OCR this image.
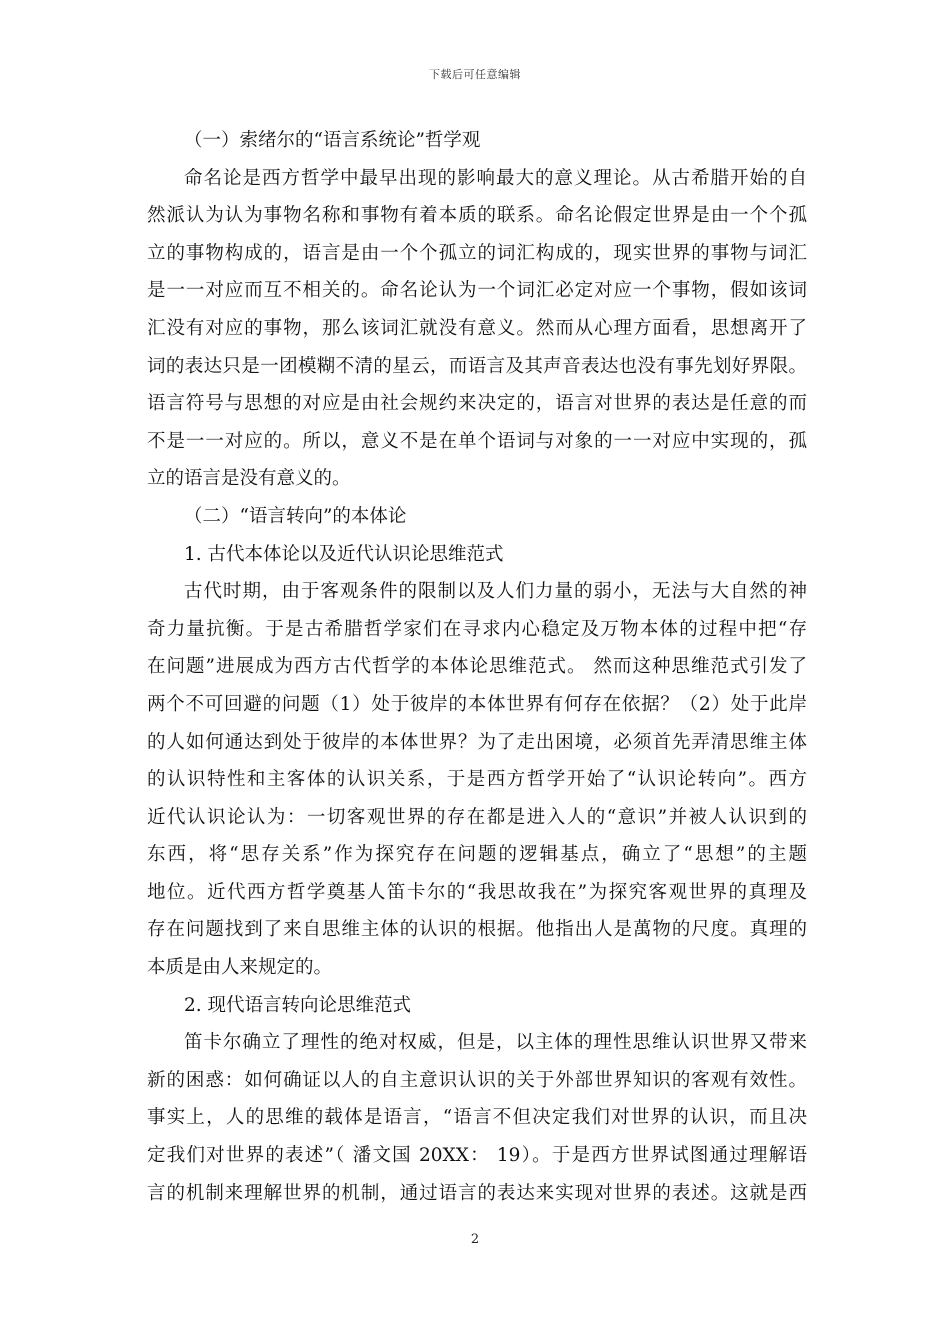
下载后可任意编辑
（一）索绪尔的“语言系统论”哲学观
命名论是西方哲学中最早出现的影响最大的意义理论。从古希腊开始的自
然派认为认为事物名称和事物有着本质的联系。命名论假定世界是由一个个孤
立的事物构成的，语言是由一个个孤立的词汇构成的，现实世界的事物与词汇
是一一对应而互不相关的。命名论认为一个词汇必定对应一个事物，假如该词
汇没有对应的事物，那么该词汇就没有意义。然而从心理方面看，思想离开了
词的表达只是一团模糊不清的星云，而语言及其声音表达也没有事先划好界限。
语言符号与思想的对应是由社会规约来决定的，语言对世界的表达是任意的而
不是一一对应的。所以，意义不是在单个语词与对象的一一对应中实现的，孤
立的语言是没有意义的。
（二）“语言转向”的本体论
1. 古代本体论以及近代认识论思维范式
古代时期，由于客观条件的限制以及人们力量的弱小，无法与大自然的神
奇力量抗衡。于是古希腊哲学家们在寻求内心稳定及万物本体的过程中把“存
在问题”进展成为西方古代哲学的本体论思维范式。 然而这种思维范式引发了
两个不可回避的问题（1）处于彼岸的本体世界有何存在依据？（2）处于此岸
的人如何通达到处于彼岸的本体世界？为了走出困境，必须首先弄清思维主体
的认识特性和主客体的认识关系，于是西方哲学开始了“认识论转向”。西方
近代认识论认为：一切客观世界的存在都是进入人的“意识”并被人认识到的
东西，将“思存关系”作为探究存在问题的逻辑基点，确立了“思想”的主题
地位。近代西方哲学奠基人笛卡尔的“我思故我在”为探究客观世界的真理及
存在问题找到了来自思维主体的认识的根据。他指出人是萬物的尺度。真理的
本质是由人来规定的。
2. 现代语言转向论思维范式
笛卡尔确立了理性的绝对权威，但是，以主体的理性思维认识世界又带来
新的困惑：如何确证以人的自主意识认识的关于外部世界知识的客观有效性。
事实上，人的思维的载体是语言，“语言不但决定我们对世界的认识，而且决
定我们对世界的表述”（ 潘文国 20XX： 19）。于是西方世界试图通过理解语
言的机制来理解世界的机制，通过语言的表达来实现对世界的表述。这就是西
2
